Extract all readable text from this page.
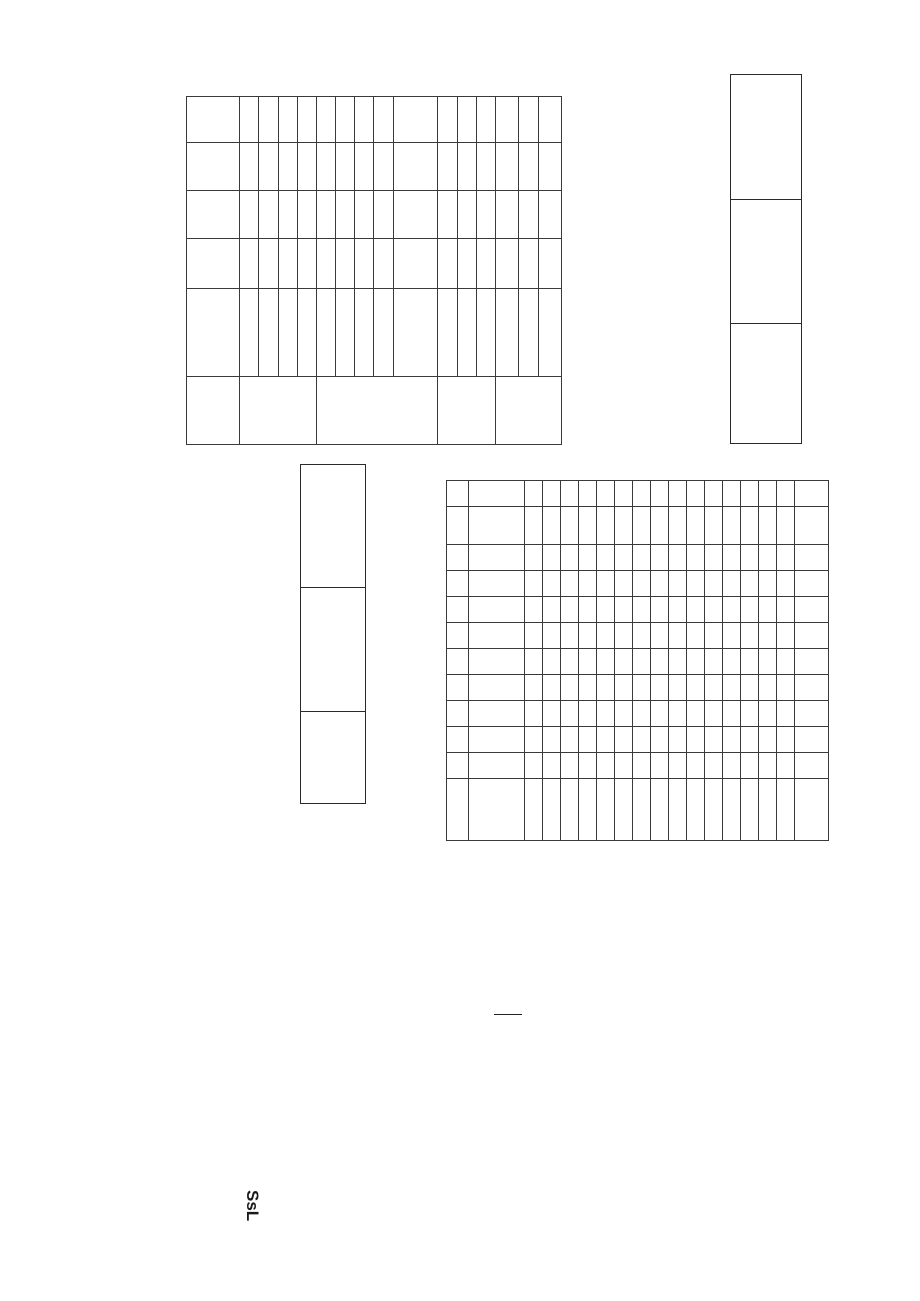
SsL
